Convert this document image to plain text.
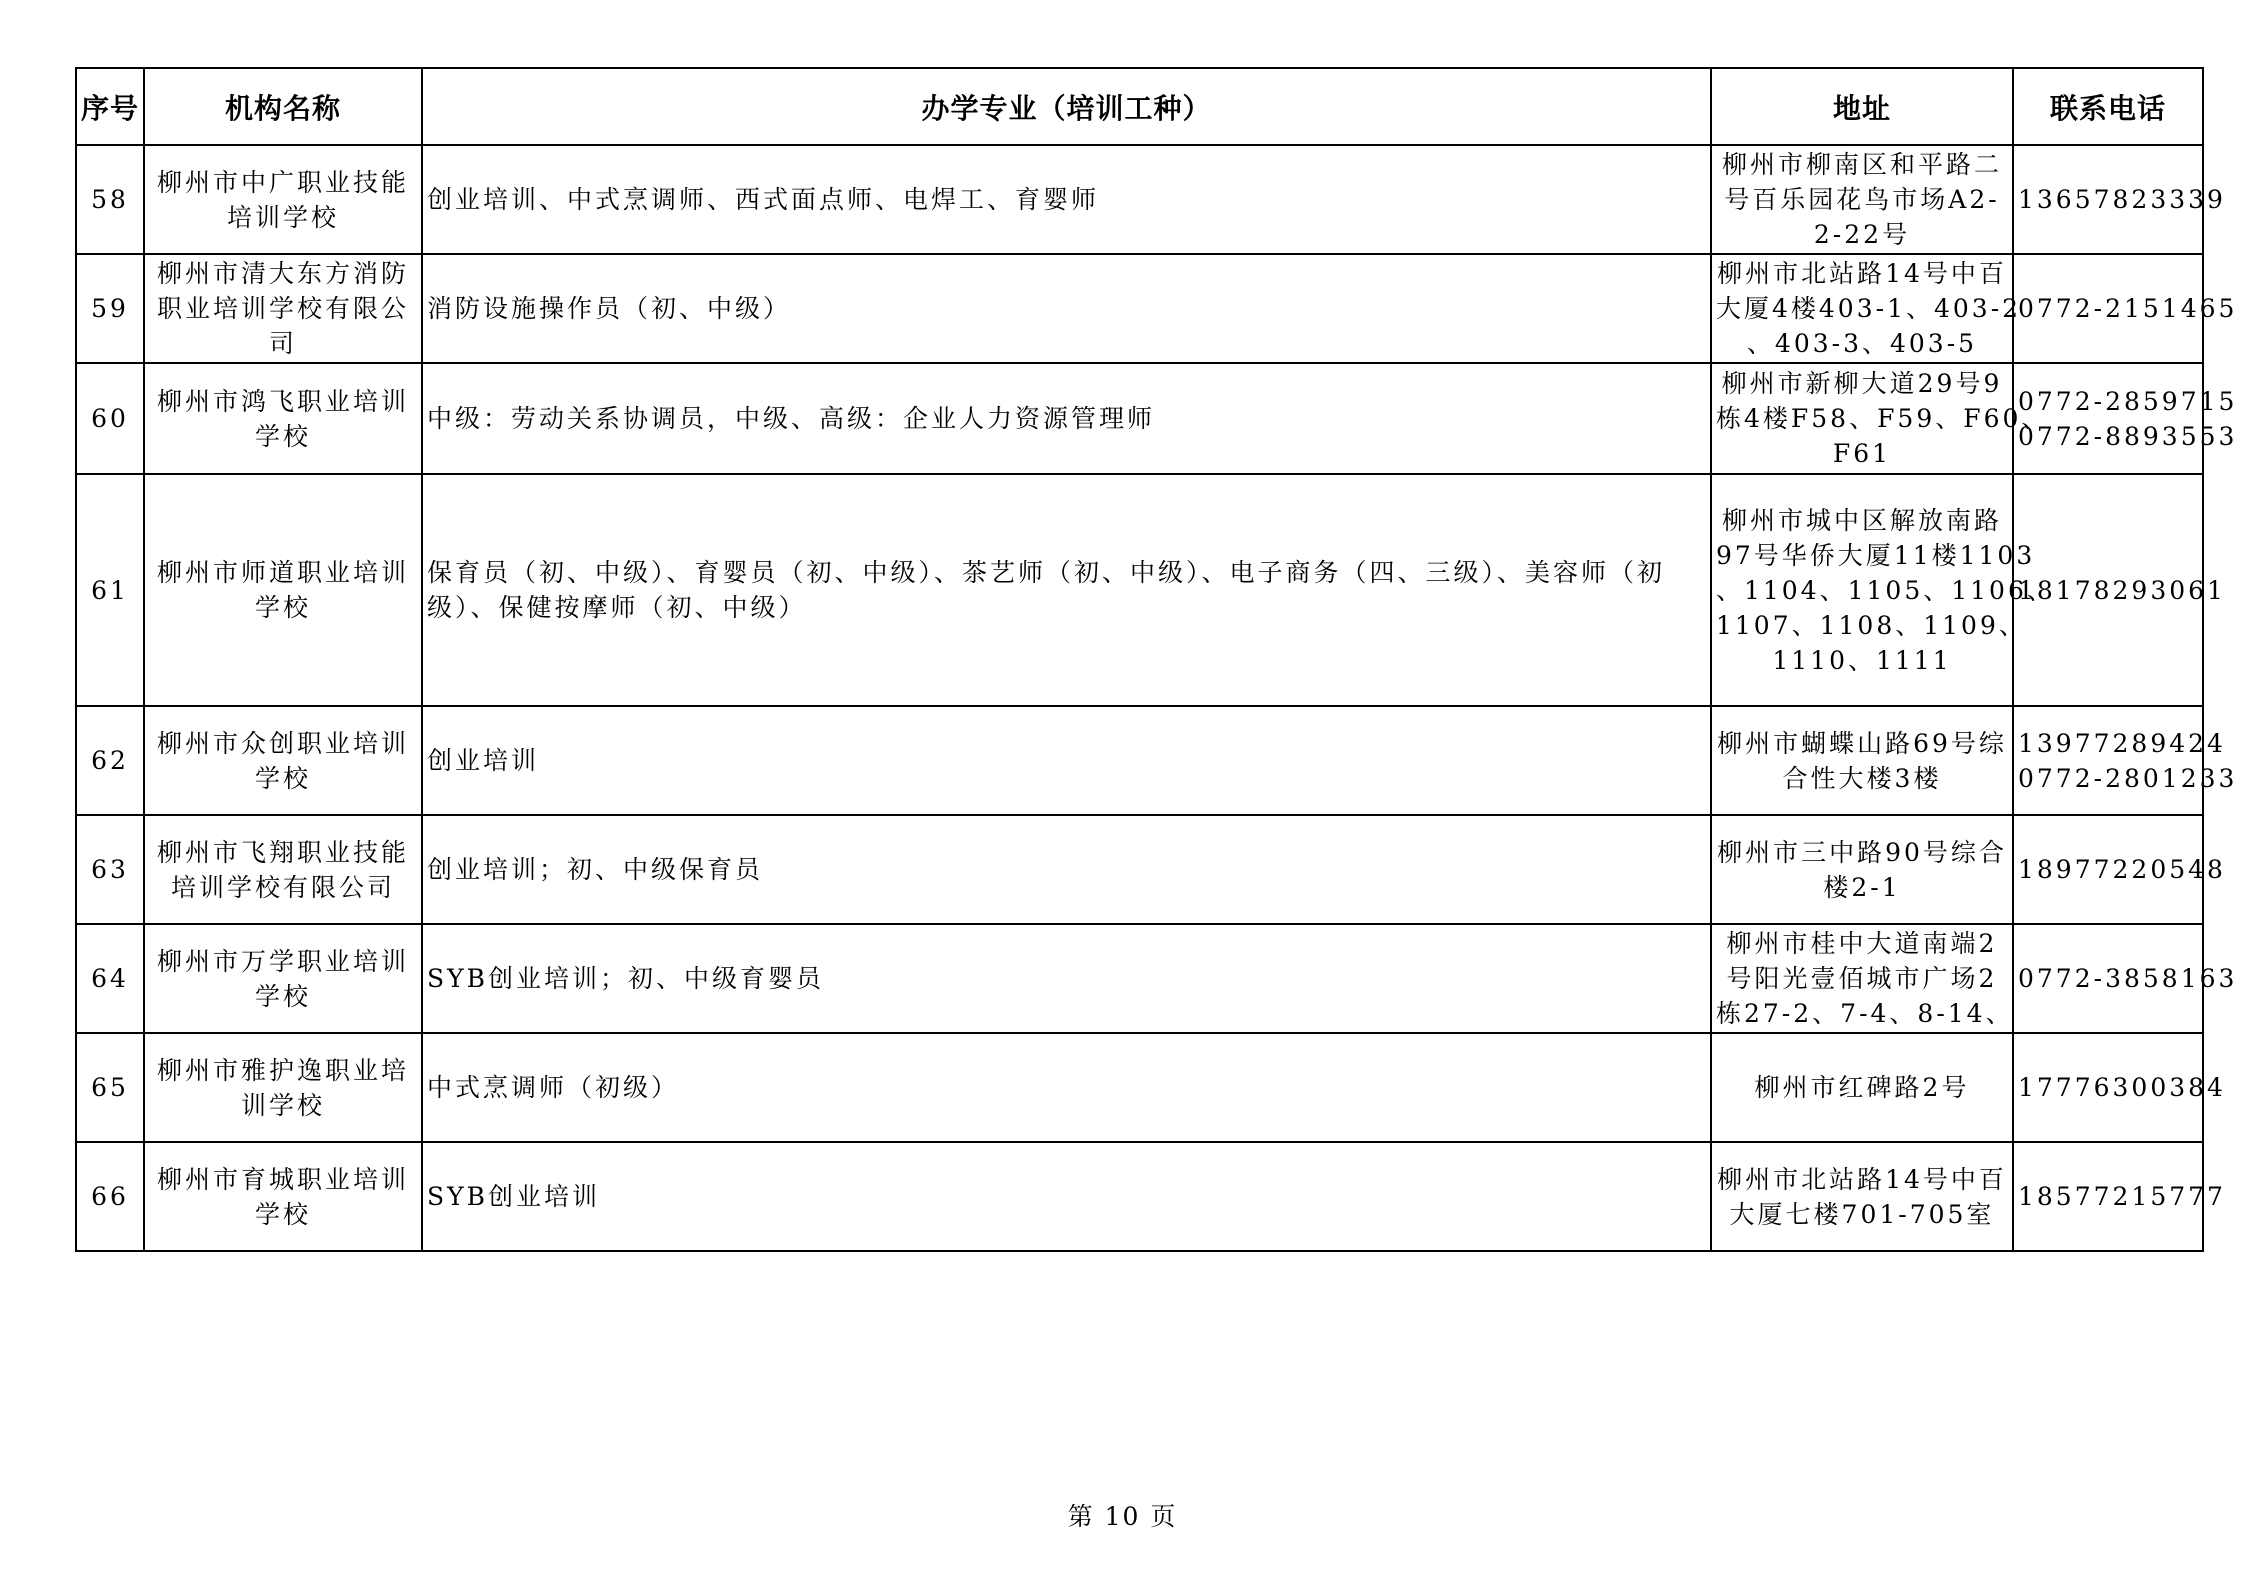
序号	机构名称	办学专业（培训工种）	地址	联系电话
58	柳州市中广职业技能
培训学校	创业培训、中式烹调师、西式面点师、电焊工、育婴师	柳州市柳南区和平路二
号百乐园花鸟市场A2-
2-22号	13657823339

59	柳州市清大东方消防
职业培训学校有限公
司	消防设施操作员（初、中级）	柳州市北站路14号中百
大厦4楼403-1、403-2
、403-3、403-5	0772-2151465

60	柳州市鸿飞职业培训
学校	中级：劳动关系协调员，中级、高级：企业人力资源管理师	柳州市新柳大道29号9
栋4楼F58、F59、F60、
F61	0772-2859715
0772-8893553

61	柳州市师道职业培训
学校	保育员（初、中级）、育婴员（初、中级）、茶艺师（初、中级）、电子商务（四、三级）、美容师（初级）、保健按摩师（初、中级）	柳州市城中区解放南路
97号华侨大厦11楼1103
、1104、1105、1106、
1107、1108、1109、
1110、1111	18178293061

62	柳州市众创职业培训
学校	创业培训	柳州市蝴蝶山路69号综
合性大楼3楼	13977289424
0772-2801233

63	柳州市飞翔职业技能
培训学校有限公司	创业培训；初、中级保育员	柳州市三中路90号综合
楼2-1	18977220548

64	柳州市万学职业培训
学校	SYB创业培训；初、中级育婴员	柳州市桂中大道南端2
号阳光壹佰城市广场2
栋27-2、7-4、8-14、	0772-3858163

65	柳州市雅护逸职业培
训学校	中式烹调师（初级）	柳州市红碑路2号	17776300384

66	柳州市育城职业培训
学校	SYB创业培训	柳州市北站路14号中百
大厦七楼701-705室	18577215777
第 10 页
